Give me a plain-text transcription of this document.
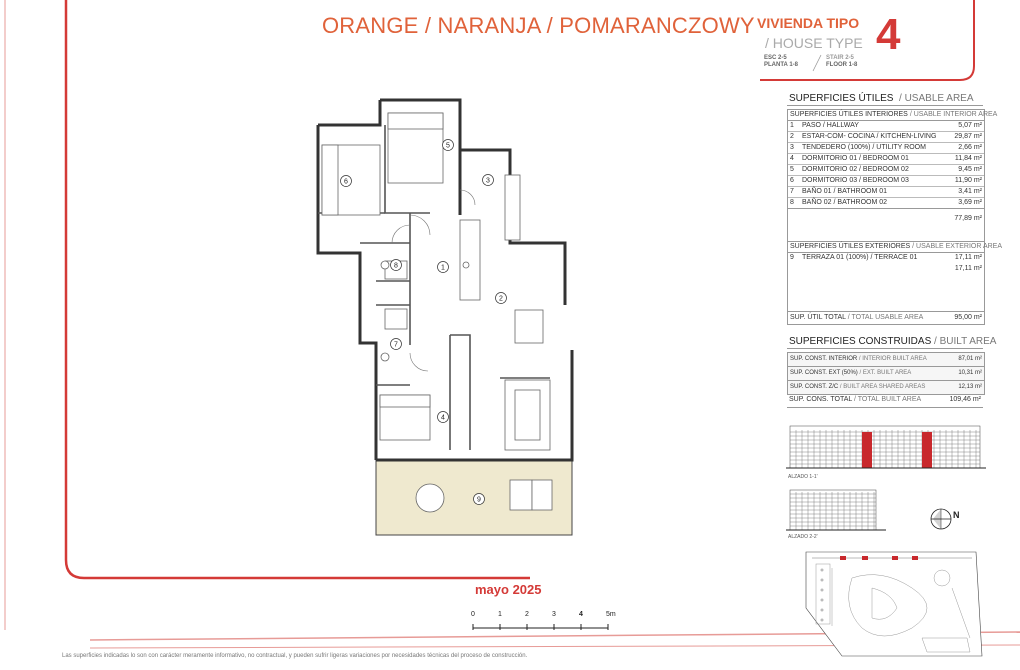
ORANGE / NARANJA / POMARANCZOWY VIVIENDA TIPO
/ HOUSE TYPE 4
ESC 2-5
PLANTA 1-8
STAIR 2-5
FLOOR 1-8
SUPERFICIES ÚTILES / USABLE AREA
SUPERFICIES ÚTILES INTERIORES / USABLE INTERIOR AREA
1	PASO / HALLWAY	5,07 m²
2	ESTAR-COM- COCINA / KITCHEN-LIVING	29,87 m²
3	TENDEDERO (100%) / UTILITY ROOM	2,66 m²
4	DORMITORIO 01 / BEDROOM 01	11,84 m²
5	DORMITORIO 02 / BEDROOM 02	9,45 m²
6	DORMITORIO 03 / BEDROOM 03	11,90 m²
7	BAÑO 01 / BATHROOM 01	3,41 m²
8	BAÑO 02 / BATHROOM 02	3,69 m²
77,89 m²
SUPERFICIES ÚTILES EXTERIORES / USABLE EXTERIOR AREA
9	TERRAZA 01 (100%) / TERRACE 01	17,11 m²
17,11 m²
SUP. ÚTIL TOTAL / TOTAL USABLE AREA	95,00 m²
SUPERFICIES CONSTRUIDAS / BUILT AREA
SUP. CONST. INTERIOR / INTERIOR BUILT AREA	87,01 m²
SUP. CONST. EXT (50%) / EXT. BUILT AREA	10,31 m²
SUP. CONST. Z/C / BUILT AREA SHARED AREAS	12,13 m²
SUP. CONS. TOTAL / TOTAL BUILT AREA	109,46 m²
ALZADO 1-1'
ALZADO 2-2'
N
1
2
3
4
5
6
7
8
9
mayo 2025
0	1	2	3	4	5m
Las superficies indicadas lo son con carácter meramente informativo, no contractual, y pueden sufrir ligeras variaciones por necesidades técnicas del proceso de construcción.
